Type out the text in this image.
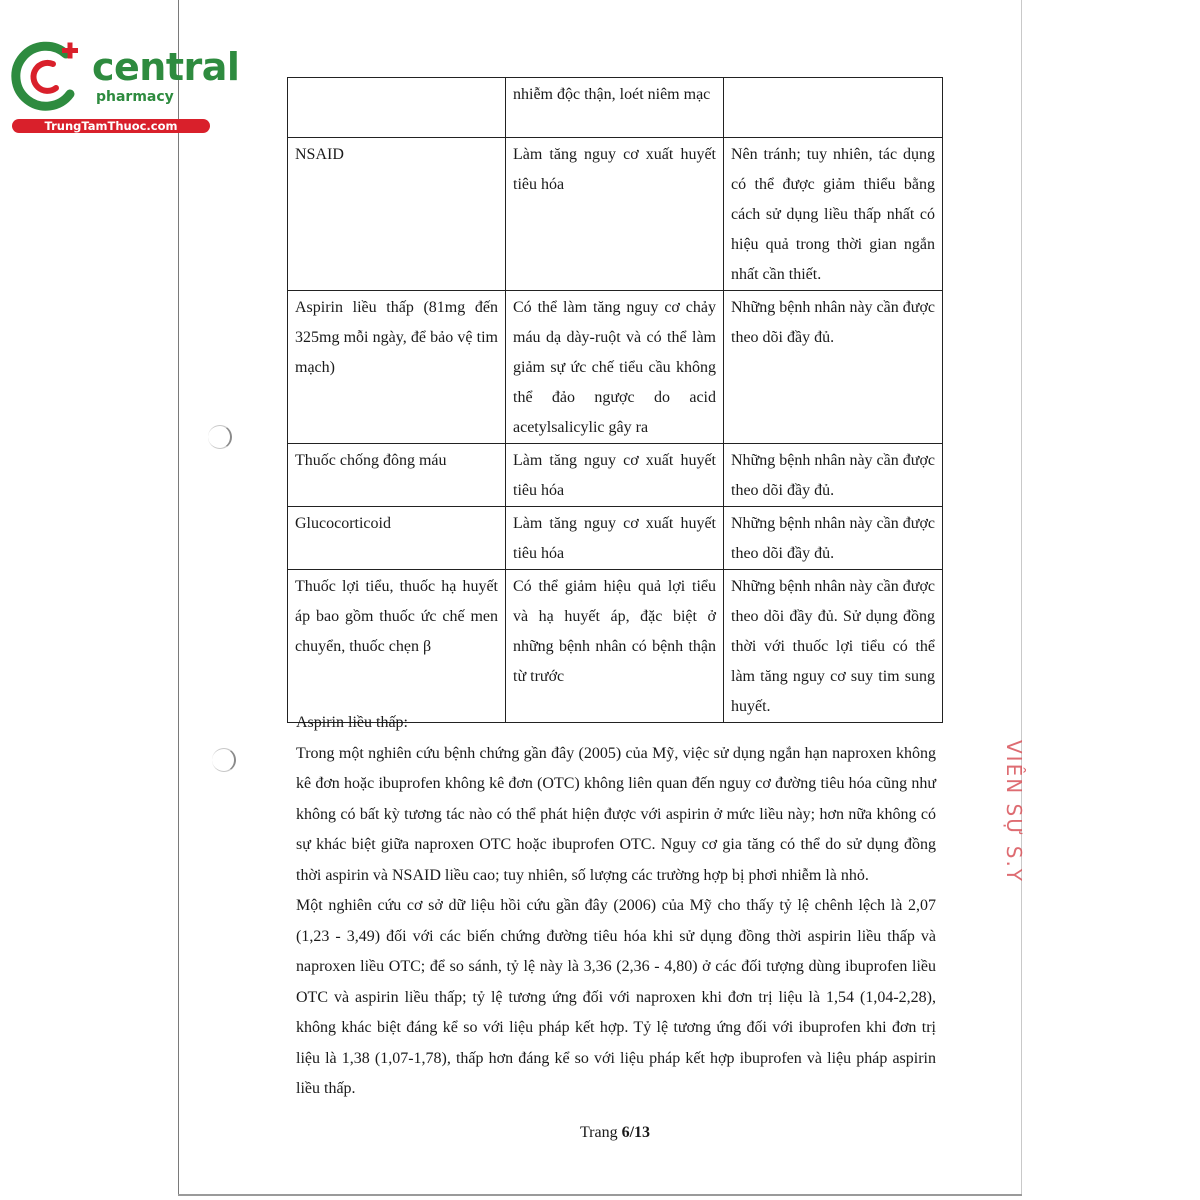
central
pharmacy
TrungTamThuoc.com
	nhiễm độc thận, loét niêm mạc	
NSAID	Làm tăng nguy cơ xuất huyết tiêu hóa	Nên tránh; tuy nhiên, tác dụng có thể được giảm thiểu bằng cách sử dụng liều thấp nhất có hiệu quả trong thời gian ngắn nhất cần thiết.
Aspirin liều thấp (81mg đến 325mg mỗi ngày, để bảo vệ tim mạch)	Có thể làm tăng nguy cơ chảy máu dạ dày-ruột và có thể làm giảm sự ức chế tiểu cầu không thể đảo ngược do acid acetylsalicylic gây ra	Những bệnh nhân này cần được theo dõi đầy đủ.
Thuốc chống đông máu	Làm tăng nguy cơ xuất huyết tiêu hóa	Những bệnh nhân này cần được theo dõi đầy đủ.
Glucocorticoid	Làm tăng nguy cơ xuất huyết tiêu hóa	Những bệnh nhân này cần được theo dõi đầy đủ.
Thuốc lợi tiểu, thuốc hạ huyết áp bao gồm thuốc ức chế men chuyển, thuốc chẹn β	Có thể giảm hiệu quả lợi tiểu và hạ huyết áp, đặc biệt ở những bệnh nhân có bệnh thận từ trước	Những bệnh nhân này cần được theo dõi đầy đủ. Sử dụng đồng thời với thuốc lợi tiểu có thể làm tăng nguy cơ suy tim sung huyết.

Aspirin liều thấp:

Trong một nghiên cứu bệnh chứng gần đây (2005) của Mỹ, việc sử dụng ngắn hạn naproxen không kê đơn hoặc ibuprofen không kê đơn (OTC) không liên quan đến nguy cơ đường tiêu hóa cũng như không có bất kỳ tương tác nào có thể phát hiện được với aspirin ở mức liều này; hơn nữa không có sự khác biệt giữa naproxen OTC hoặc ibuprofen OTC. Nguy cơ gia tăng có thể do sử dụng đồng thời aspirin và NSAID liều cao; tuy nhiên, số lượng các trường hợp bị phơi nhiễm là nhỏ.

Một nghiên cứu cơ sở dữ liệu hồi cứu gần đây (2006) của Mỹ cho thấy tỷ lệ chênh lệch là 2,07 (1,23 - 3,49) đối với các biến chứng đường tiêu hóa khi sử dụng đồng thời aspirin liều thấp và naproxen liều OTC; để so sánh, tỷ lệ này là 3,36 (2,36 - 4,80) ở các đối tượng dùng ibuprofen liều OTC và aspirin liều thấp; tỷ lệ tương ứng đối với naproxen khi đơn trị liệu là 1,54 (1,04-2,28), không khác biệt đáng kể so với liệu pháp kết hợp. Tỷ lệ tương ứng đối với ibuprofen khi đơn trị liệu là 1,38 (1,07-1,78), thấp hơn đáng kể so với liệu pháp kết hợp ibuprofen và liệu pháp aspirin liều thấp.

Trang 6/13
VIÊN SỰ S.Y
